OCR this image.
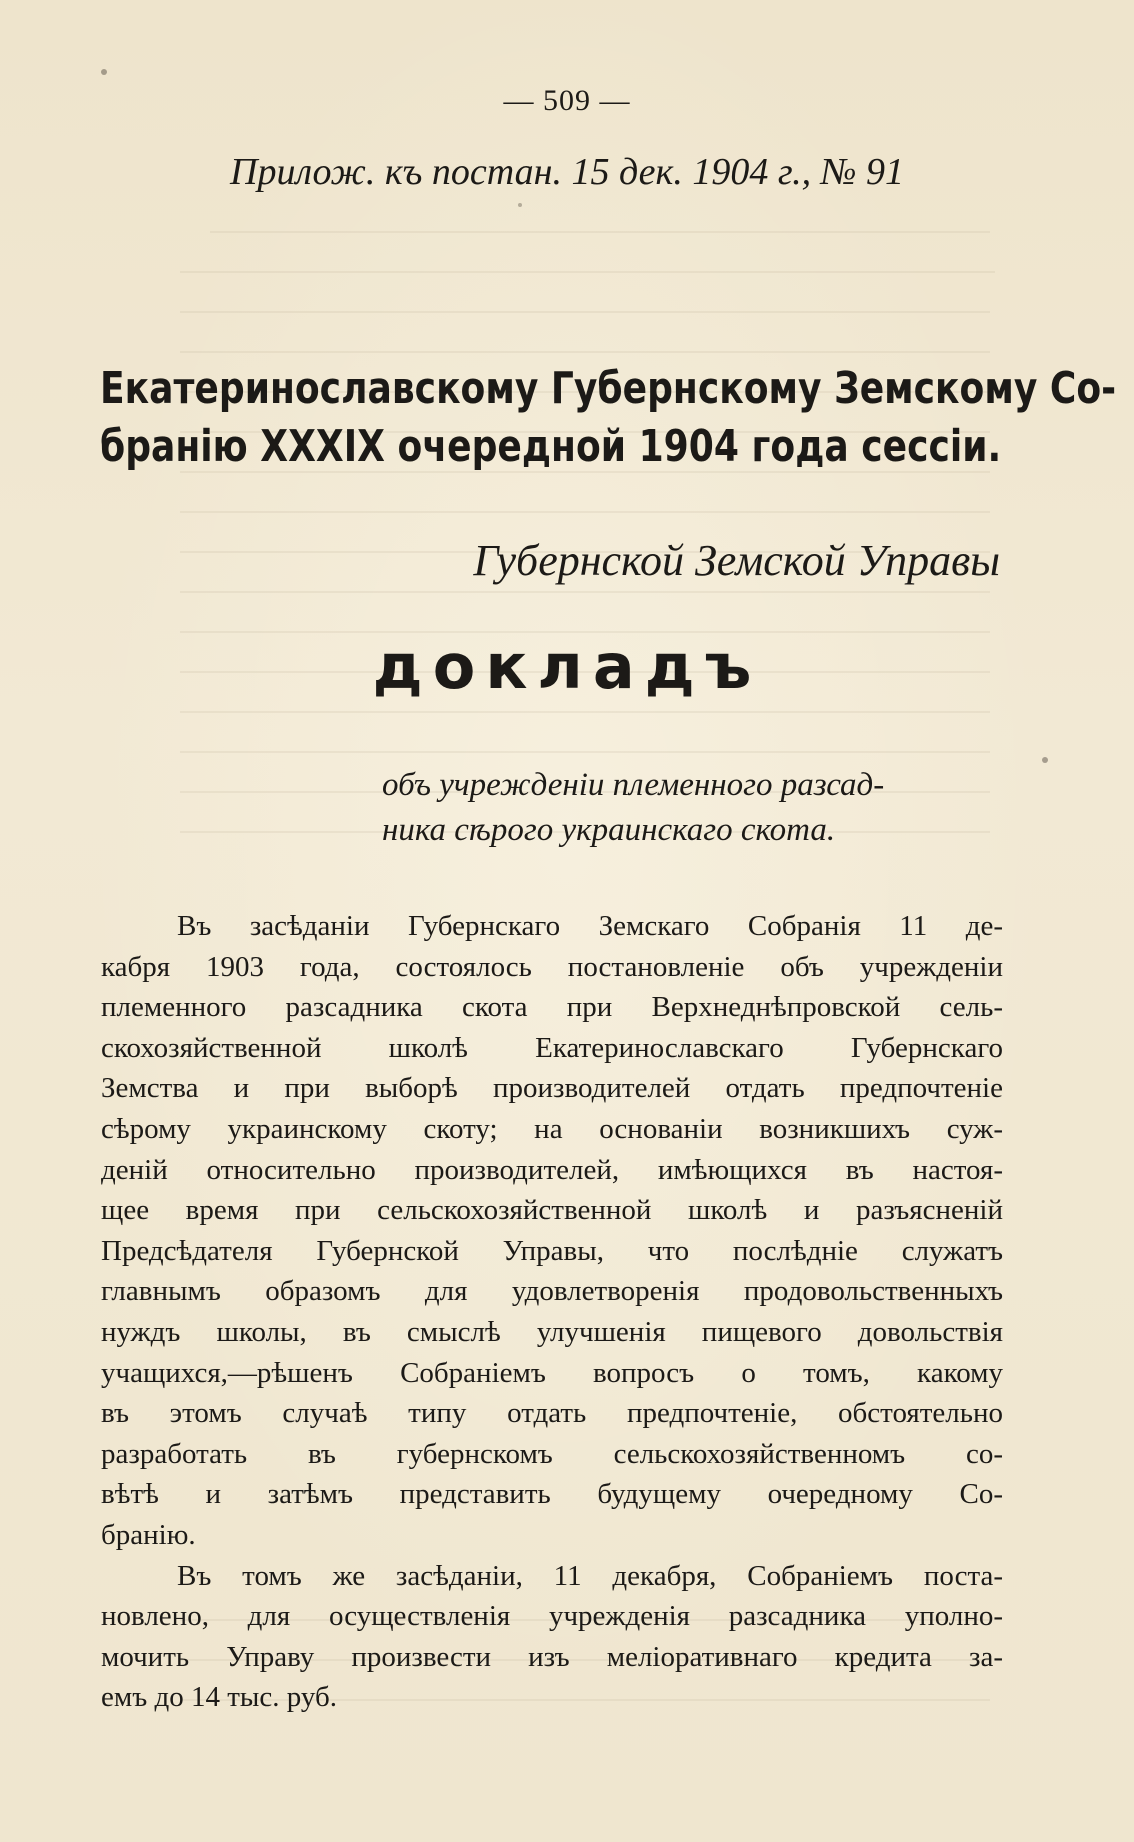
— 509 —
Прилож. къ постан. 15 дек. 1904 г., № 91
Екатеринославскому Губернскому Земскому Со-
бранію XXXIX очередной 1904 года сессіи.
Губернской Земской Управы
докладъ
объ учрежденіи племенного разсад-
ника сѣрого украинскаго скота.
Въ засѣданіи Губернскаго Земскаго Собранія 11 де-
кабря 1903 года, состоялось постановленіе объ учрежденіи
племенного разсадника скота при Верхнеднѣпровской сель-
скохозяйственной школѣ Екатеринославскаго Губернскаго
Земства и при выборѣ производителей отдать предпочтеніе
сѣрому украинскому скоту; на основаніи возникшихъ суж-
деній относительно производителей, имѣющихся въ настоя-
щее время при сельскохозяйственной школѣ и разъясненій
Предсѣдателя Губернской Управы, что послѣдніе служатъ
главнымъ образомъ для удовлетворенія продовольственныхъ
нуждъ школы, въ смыслѣ улучшенія пищевого довольствія
учащихся,—рѣшенъ Собраніемъ вопросъ о томъ, какому
въ этомъ случаѣ типу отдать предпочтеніе, обстоятельно
разработать въ губернскомъ сельскохозяйственномъ со-
вѣтѣ и затѣмъ представить будущему очередному Со-
бранію.
Въ томъ же засѣданіи, 11 декабря, Собраніемъ поста-
новлено, для осуществленія учрежденія разсадника уполно-
мочить Управу произвести изъ меліоративнаго кредита за-
емъ до 14 тыс. руб.
